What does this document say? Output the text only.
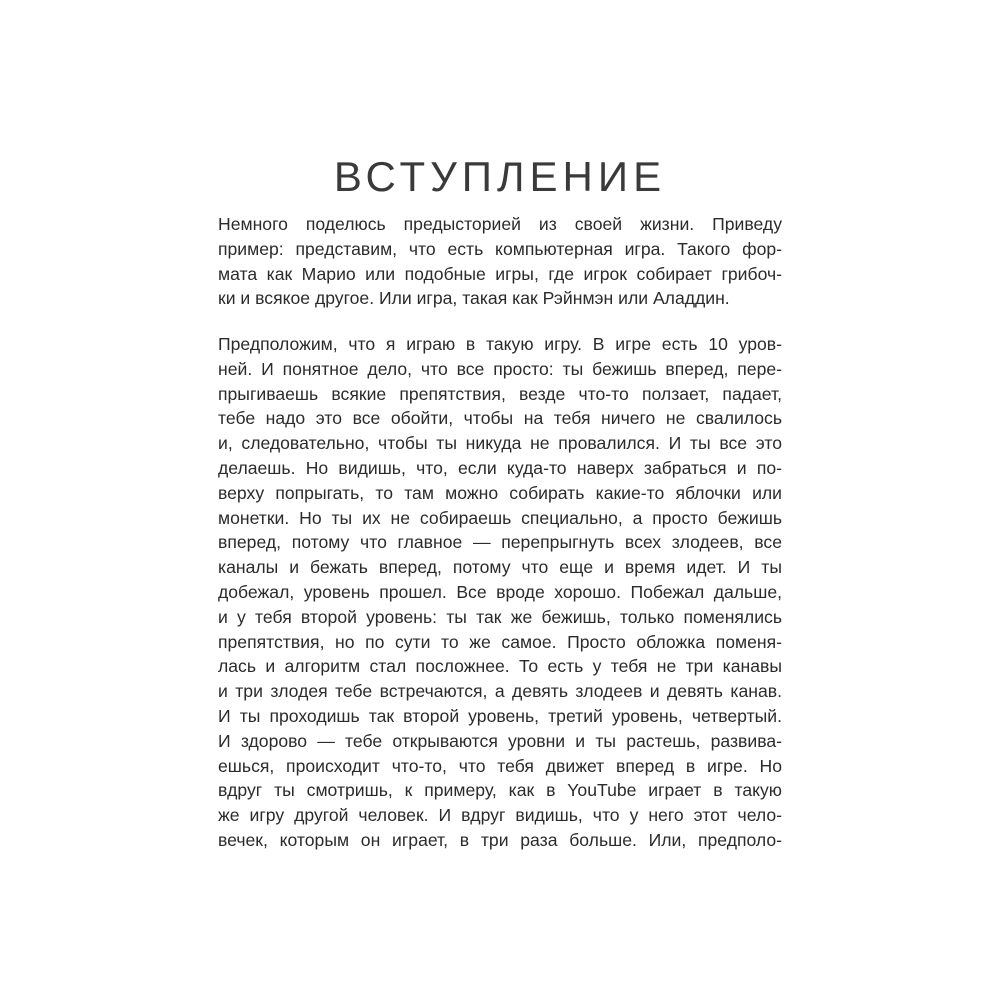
ВСТУПЛЕНИЕ
Немного поделюсь предысторией из своей жизни. Приведу
пример: представим, что есть компьютерная игра. Такого фор-
мата как Марио или подобные игры, где игрок собирает грибоч-
ки и всякое другое. Или игра, такая как Рэйнмэн или Аладдин.
Предположим, что я играю в такую игру. В игре есть 10 уров-
ней. И понятное дело, что все просто: ты бежишь вперед, пере-
прыгиваешь всякие препятствия, везде что-то ползает, падает,
тебе надо это все обойти, чтобы на тебя ничего не свалилось
и, следовательно, чтобы ты никуда не провалился. И ты все это
делаешь. Но видишь, что, если куда-то наверх забраться и по-
верху попрыгать, то там можно собирать какие-то яблочки или
монетки. Но ты их не собираешь специально, а просто бежишь
вперед, потому что главное — перепрыгнуть всех злодеев, все
каналы и бежать вперед, потому что еще и время идет. И ты
добежал, уровень прошел. Все вроде хорошо. Побежал дальше,
и у тебя второй уровень: ты так же бежишь, только поменялись
препятствия, но по сути то же самое. Просто обложка поменя-
лась и алгоритм стал посложнее. То есть у тебя не три канавы
и три злодея тебе встречаются, а девять злодеев и девять канав.
И ты проходишь так второй уровень, третий уровень, четвертый.
И здорово — тебе открываются уровни и ты растешь, развива-
ешься, происходит что-то, что тебя движет вперед в игре. Но
вдруг ты смотришь, к примеру, как в YouTube играет в такую
же игру другой человек. И вдруг видишь, что у него этот чело-
вечек, которым он играет, в три раза больше. Или, предполо-
